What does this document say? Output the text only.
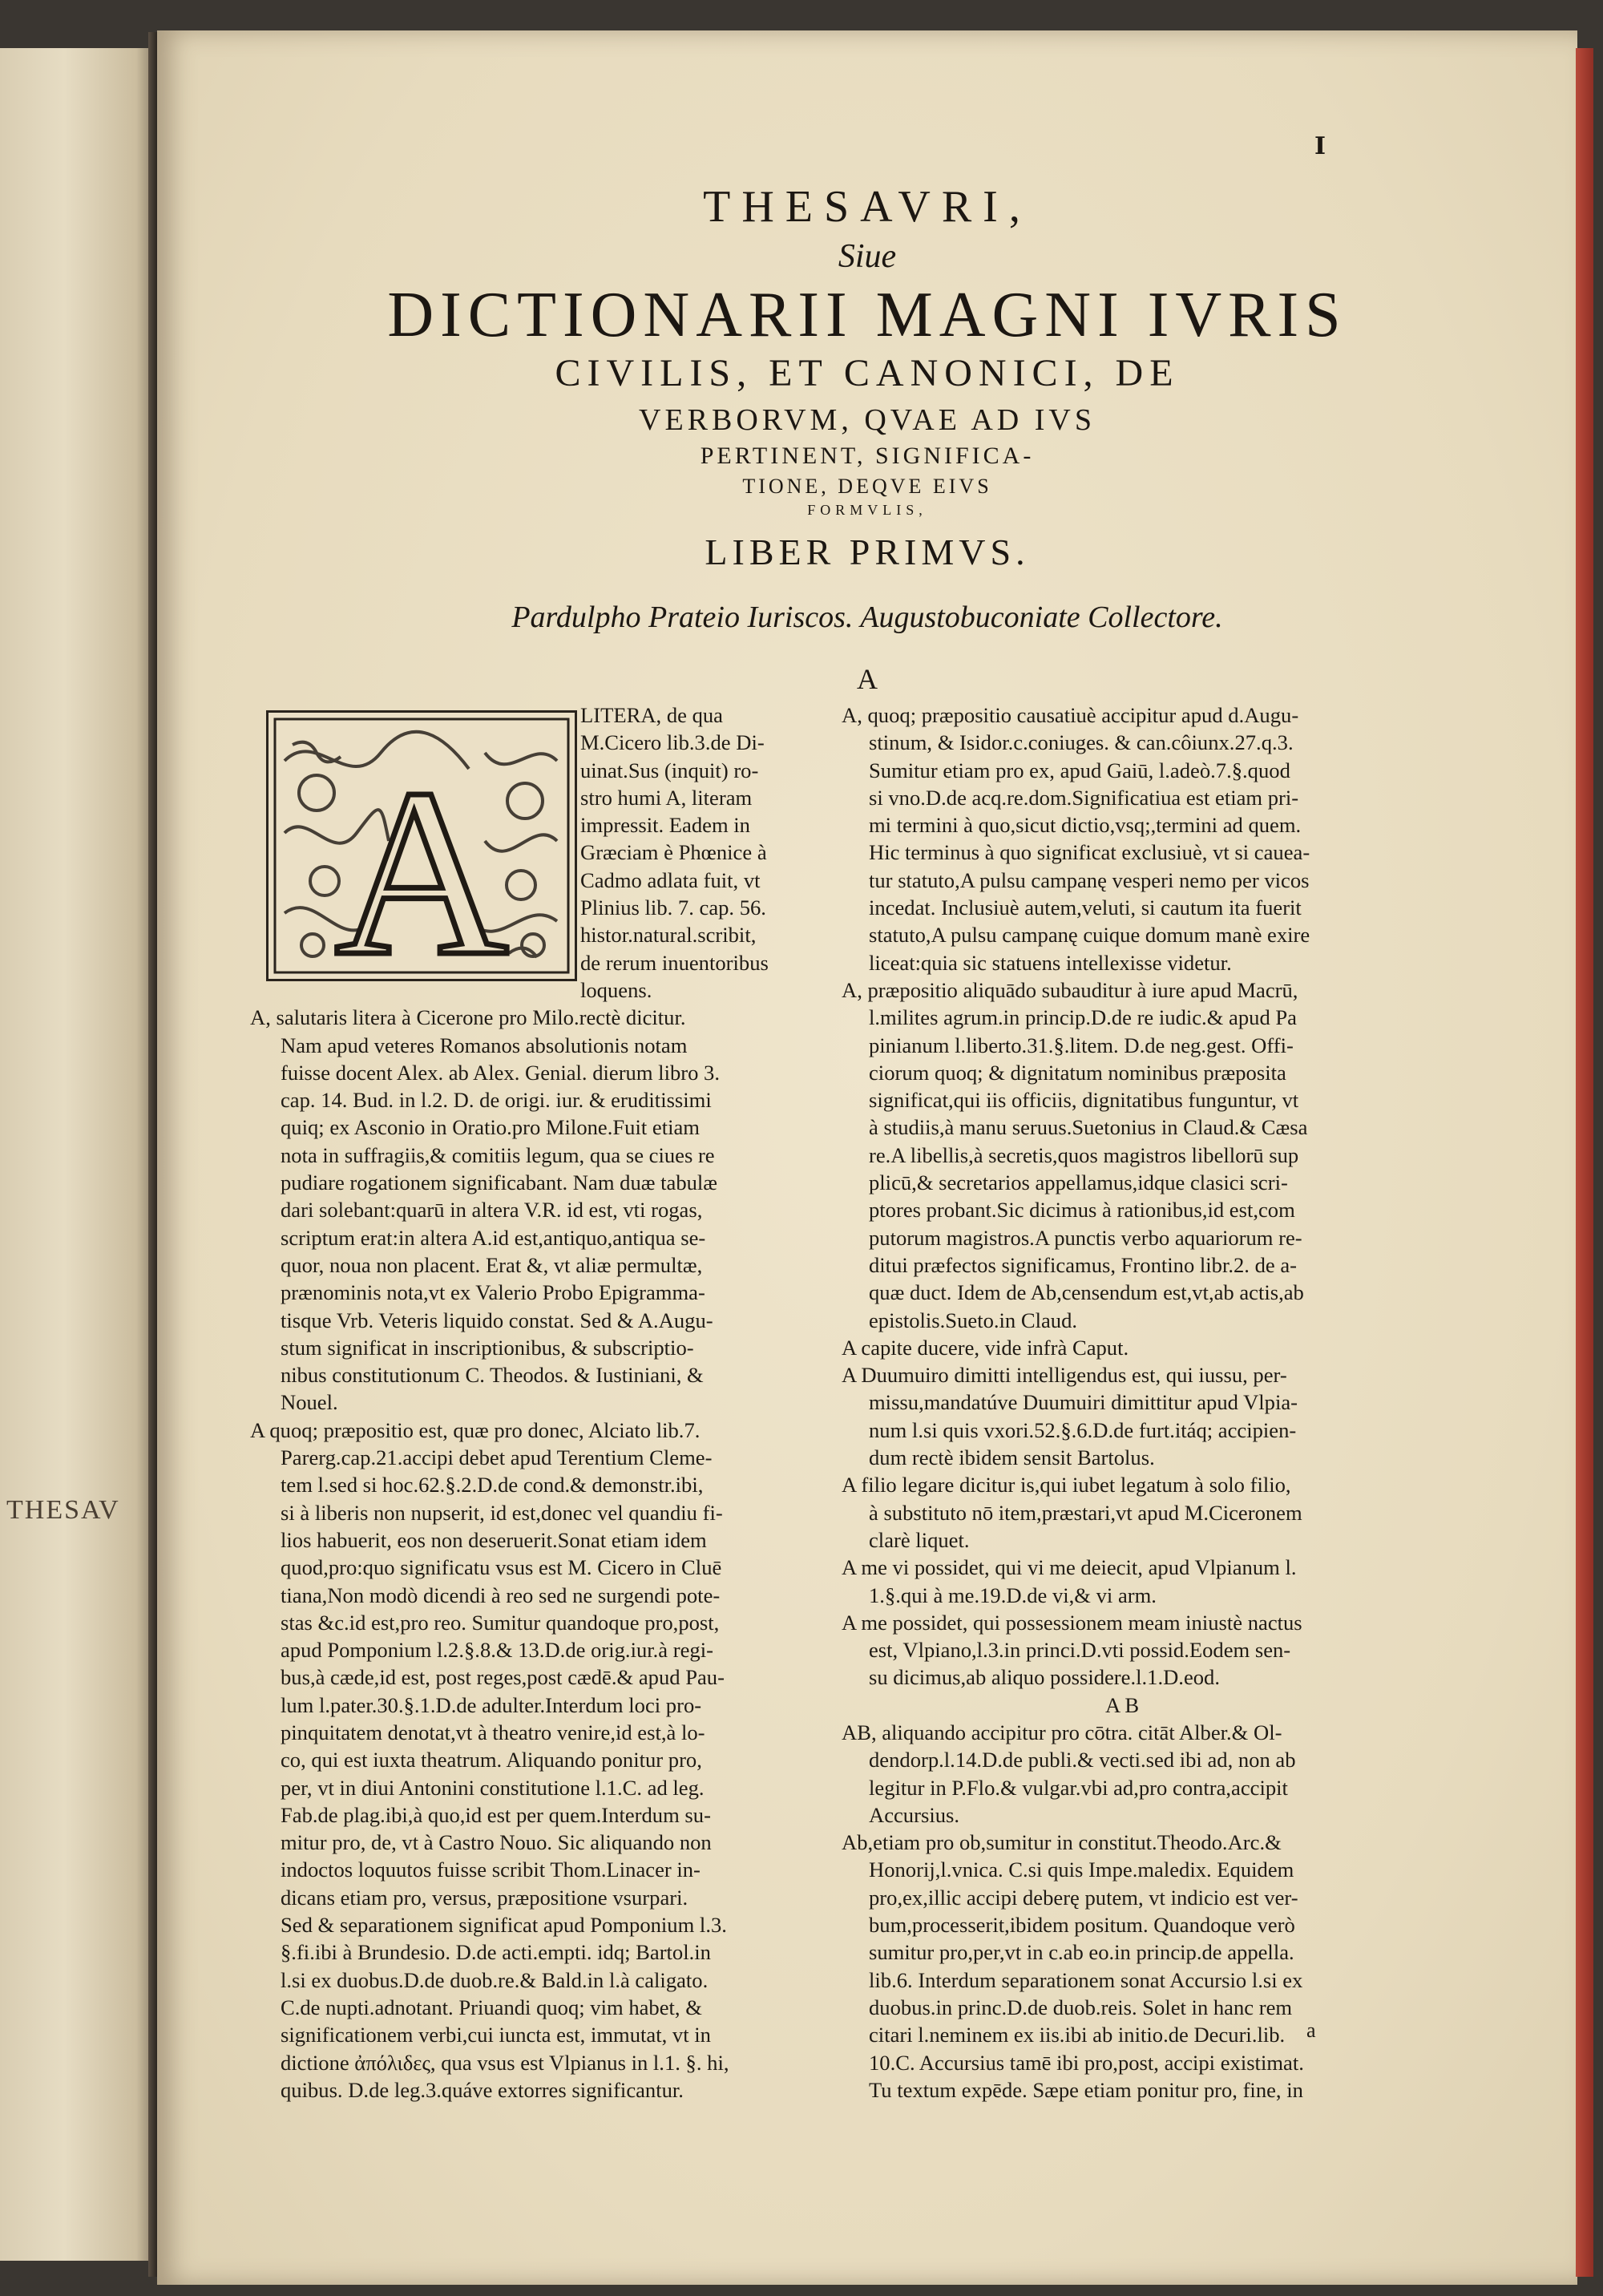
THESAV
I
THESAVRI,
Siue
DICTIONARII MAGNI IVRIS
CIVILIS, ET CANONICI, DE
VERBORVM, QVAE AD IVS
PERTINENT, SIGNIFICA-
TIONE, DEQVE EIVS
FORMVLIS,
LIBER PRIMVS.
Pardulpho Prateio Iuriscos. Augustobuconiate Collectore.
A
LITERA, de qua
M.Cicero lib.3.de Di-
uinat.Sus (inquit) ro-
stro humi A, literam
impressit. Eadem in
Græciam è Phœnice à
Cadmo adlata fuit, vt
Plinius lib. 7. cap. 56.
histor.natural.scribit,
de rerum inuentoribus
loquens.
A, salutaris litera à Cicerone pro Milo.rectè dicitur.
Nam apud veteres Romanos absolutionis notam
fuisse docent Alex. ab Alex. Genial. dierum libro 3.
cap. 14. Bud. in l.2. D. de origi. iur. & eruditissimi
quiq; ex Asconio in Oratio.pro Milone.Fuit etiam
nota in suffragiis,& comitiis legum, qua se ciues re
pudiare rogationem significabant. Nam duæ tabulæ
dari solebant:quarū in altera V.R. id est, vti rogas,
scriptum erat:in altera A.id est,antiquo,antiqua se-
quor, noua non placent. Erat &, vt aliæ permultæ,
prænominis nota,vt ex Valerio Probo Epigramma-
tisque Vrb. Veteris liquido constat. Sed & A.Augu-
stum significat in inscriptionibus, & subscriptio-
nibus constitutionum C. Theodos. & Iustiniani, &
Nouel.
A quoq; præpositio est, quæ pro donec, Alciato lib.7.
Parerg.cap.21.accipi debet apud Terentium Cleme-
tem l.sed si hoc.62.§.2.D.de cond.& demonstr.ibi,
si à liberis non nupserit, id est,donec vel quandiu fi-
lios habuerit, eos non deseruerit.Sonat etiam idem
quod,pro:quo significatu vsus est M. Cicero in Cluē
tiana,Non modò dicendi à reo sed ne surgendi pote-
stas &c.id est,pro reo. Sumitur quandoque pro,post,
apud Pomponium l.2.§.8.& 13.D.de orig.iur.à regi-
bus,à cæde,id est, post reges,post cædē.& apud Pau-
lum l.pater.30.§.1.D.de adulter.Interdum loci pro-
pinquitatem denotat,vt à theatro venire,id est,à lo-
co, qui est iuxta theatrum. Aliquando ponitur pro,
per, vt in diui Antonini constitutione l.1.C. ad leg.
Fab.de plag.ibi,à quo,id est per quem.Interdum su-
mitur pro, de, vt à Castro Nouo. Sic aliquando non
indoctos loquutos fuisse scribit Thom.Linacer in-
dicans etiam pro, versus, præpositione vsurpari.
Sed & separationem significat apud Pomponium l.3.
§.fi.ibi à Brundesio. D.de acti.empti. idq; Bartol.in
l.si ex duobus.D.de duob.re.& Bald.in l.à caligato.
C.de nupti.adnotant. Priuandi quoq; vim habet, &
significationem verbi,cui iuncta est, immutat, vt in
dictione ἀπόλιδες, qua vsus est Vlpianus in l.1. §. hi,
quibus. D.de leg.3.quáve extorres significantur.
A, quoq; præpositio causatiuè accipitur apud d.Augu-
stinum, & Isidor.c.coniuges. & can.côiunx.27.q.3.
Sumitur etiam pro ex, apud Gaiū, l.adeò.7.§.quod
si vno.D.de acq.re.dom.Significatiua est etiam pri-
mi termini à quo,sicut dictio,vsq;,termini ad quem.
Hic terminus à quo significat exclusiuè, vt si cauea-
tur statuto,A pulsu campanę vesperi nemo per vicos
incedat. Inclusiuè autem,veluti, si cautum ita fuerit
statuto,A pulsu campanę cuique domum manè exire
liceat:quia sic statuens intellexisse videtur.
A, præpositio aliquādo subauditur à iure apud Macrū,
l.milites agrum.in princip.D.de re iudic.& apud Pa
pinianum l.liberto.31.§.litem. D.de neg.gest. Offi-
ciorum quoq; & dignitatum nominibus præposita
significat,qui iis officiis, dignitatibus funguntur, vt
à studiis,à manu seruus.Suetonius in Claud.& Cæsa
re.A libellis,à secretis,quos magistros libellorū sup
plicū,& secretarios appellamus,idque clasici scri-
ptores probant.Sic dicimus à rationibus,id est,com
putorum magistros.A punctis verbo aquariorum re-
ditui præfectos significamus, Frontino libr.2. de a-
quæ duct. Idem de Ab,censendum est,vt,ab actis,ab
epistolis.Sueto.in Claud.
A capite ducere, vide infrà Caput.
A Duumuiro dimitti intelligendus est, qui iussu, per-
missu,mandatúve Duumuiri dimittitur apud Vlpia-
num l.si quis vxori.52.§.6.D.de furt.itáq; accipien-
dum rectè ibidem sensit Bartolus.
A filio legare dicitur is,qui iubet legatum à solo filio,
à substituto nō item,præstari,vt apud M.Ciceronem
clarè liquet.
A me vi possidet, qui vi me deiecit, apud Vlpianum l.
1.§.qui à me.19.D.de vi,& vi arm.
A me possidet, qui possessionem meam iniustè nactus
est, Vlpiano,l.3.in princi.D.vti possid.Eodem sen-
su dicimus,ab aliquo possidere.l.1.D.eod.
A B
AB, aliquando accipitur pro cōtra. citāt Alber.& Ol-
dendorp.l.14.D.de publi.& vecti.sed ibi ad, non ab
legitur in P.Flo.& vulgar.vbi ad,pro contra,accipit
Accursius.
Ab,etiam pro ob,sumitur in constitut.Theodo.Arc.&
Honorij,l.vnica. C.si quis Impe.maledix. Equidem
pro,ex,illic accipi deberę putem, vt indicio est ver-
bum,processerit,ibidem positum. Quandoque verò
sumitur pro,per,vt in c.ab eo.in princip.de appella.
lib.6. Interdum separationem sonat Accursio l.si ex
duobus.in princ.D.de duob.reis. Solet in hanc rem
citari l.neminem ex iis.ibi ab initio.de Decuri.lib.
10.C. Accursius tamē ibi pro,post, accipi existimat.
Tu textum expēde. Sæpe etiam ponitur pro, fine, in
A
a
